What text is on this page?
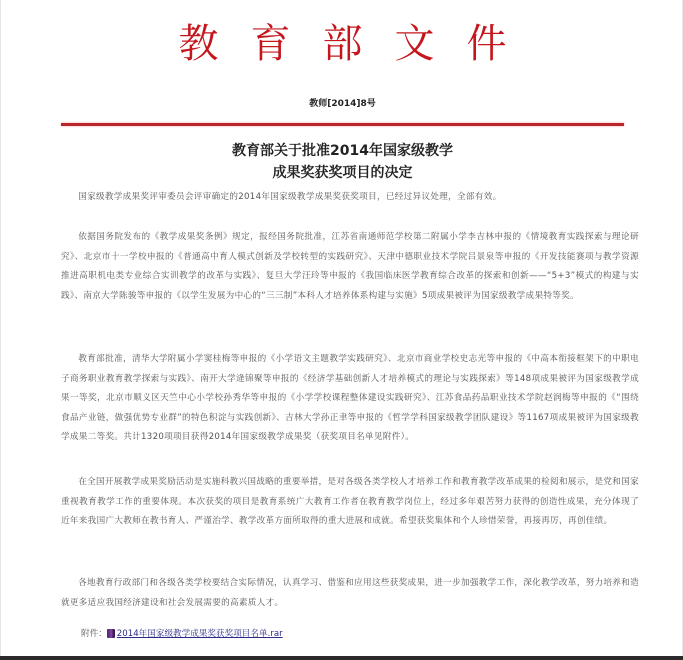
教育部文件
教师[2014]8号
教育部关于批准2014年国家级教学
成果奖获奖项目的决定

国家级教学成果奖评审委员会评审确定的2014年国家级教学成果奖获奖项目，已经过异议处理，全部有效。

依据国务院发布的《教学成果奖条例》规定，报经国务院批准，江苏省南通师范学校第二附属小学李吉林申报的《情境教育实践探索与理论研究》、北京市十一学校申报的《普通高中育人模式创新及学校转型的实践研究》、天津中德职业技术学院吕景泉等申报的《开发技能赛项与教学资源 推进高职机电类专业综合实训教学的改革与实践》、复旦大学汪玲等申报的《我国临床医学教育综合改革的探索和创新——“5+3”模式的构建与实践》、南京大学陈骏等申报的《以学生发展为中心的“三三制”本科人才培养体系构建与实施》5项成果被评为国家级教学成果特等奖。

教育部批准，清华大学附属小学窦桂梅等申报的《小学语文主题教学实践研究》、北京市商业学校史志光等申报的《中高本衔接框架下的中职电子商务职业教育教学探索与实践》、南开大学逄锦聚等申报的《经济学基础创新人才培养模式的理论与实践探索》等148项成果被评为国家级教学成果一等奖，北京市顺义区天竺中心小学校孙秀华等申报的《小学学校课程整体建设实践研究》、江苏食品药品职业技术学院赵润梅等申报的《“围绕食品产业链，做强优势专业群”的特色积淀与实践创新》、吉林大学孙正聿等申报的《哲学学科国家级教学团队建设》等1167项成果被评为国家级教学成果二等奖。共计1320项项目获得2014年国家级教学成果奖（获奖项目名单见附件）。

在全国开展教学成果奖励活动是实施科教兴国战略的重要举措，是对各级各类学校人才培养工作和教育教学改革成果的检阅和展示，是党和国家重视教育教学工作的重要体现。本次获奖的项目是教育系统广大教育工作者在教育教学岗位上，经过多年艰苦努力获得的创造性成果，充分体现了近年来我国广大教师在教书育人、严谨治学、教学改革方面所取得的重大进展和成就。希望获奖集体和个人珍惜荣誉，再接再厉，再创佳绩。

各地教育行政部门和各级各类学校要结合实际情况，认真学习、借鉴和应用这些获奖成果，进一步加强教学工作，深化教学改革，努力培养和造就更多适应我国经济建设和社会发展需要的高素质人才。

附件： 2014年国家级教学成果奖获奖项目名单.rar
